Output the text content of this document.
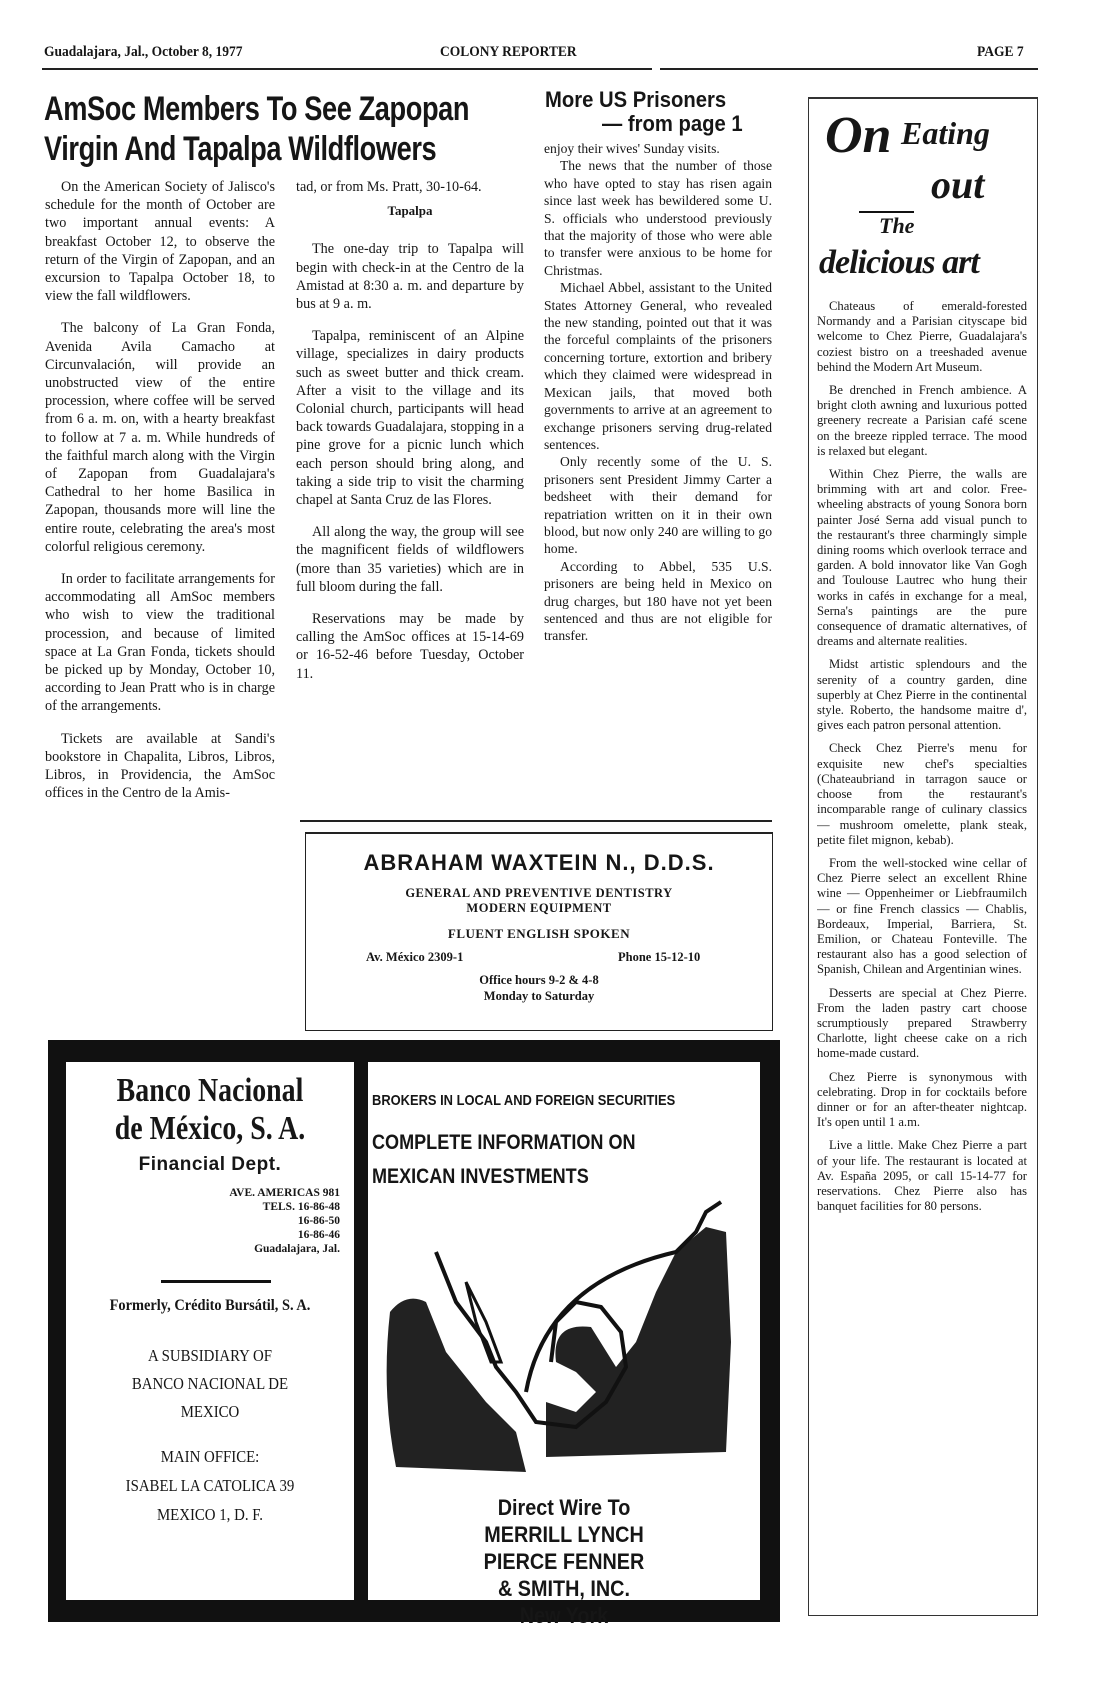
Guadalajara, Jal., October 8, 1977	COLONY REPORTER	PAGE 7
AmSoc Members To See Zapopan
Virgin And Tapalpa Wildflowers

On the American Society of Jalisco's schedule for the month of October are two important annual events: A breakfast October 12, to observe the return of the Virgin of Zapopan, and an excursion to Tapalpa October 18, to view the fall wildflowers.

The balcony of La Gran Fonda, Avenida Avila Camacho at Circunvalación, will provide an unobstructed view of the entire procession, where coffee will be served from 6 a. m. on, with a hearty breakfast to follow at 7 a. m. While hundreds of the faithful march along with the Virgin of Zapopan from Guadalajara's Cathedral to her home Basilica in Zapopan, thousands more will line the entire route, celebrating the area's most colorful religious ceremony.

In order to facilitate arrangements for accommodating all AmSoc members who wish to view the traditional procession, and because of limited space at La Gran Fonda, tickets should be picked up by Monday, October 10, according to Jean Pratt who is in charge of the arrangements.

Tickets are available at Sandi's bookstore in Chapalita, Libros, Libros, Libros, in Providencia, the AmSoc offices in the Centro de la Amis-

tad, or from Ms. Pratt, 30-10-64.

Tapalpa

The one-day trip to Tapalpa will begin with check-in at the Centro de la Amistad at 8:30 a. m. and departure by bus at 9 a. m.

Tapalpa, reminiscent of an Alpine village, specializes in dairy products such as sweet butter and thick cream. After a visit to the village and its Colonial church, participants will head back towards Guadalajara, stopping in a pine grove for a picnic lunch which each person should bring along, and taking a side trip to visit the charming chapel at Santa Cruz de las Flores.

All along the way, the group will see the magnificent fields of wildflowers (more than 35 varieties) which are in full bloom during the fall.

Reservations may be made by calling the AmSoc offices at 15-14-69 or 16-52-46 before Tuesday, October 11.

More US Prisoners
— from page 1

enjoy their wives' Sunday visits.

The news that the number of those who have opted to stay has risen again since last week has bewildered some U. S. officials who understood previously that the majority of those who were able to transfer were anxious to be home for Christmas.

Michael Abbel, assistant to the United States Attorney General, who revealed the new standing, pointed out that it was the forceful complaints of the prisoners concerning torture, extortion and bribery which they claimed were widespread in Mexican jails, that moved both governments to arrive at an agreement to exchange prisoners serving drug-related sentences.

Only recently some of the U. S. prisoners sent President Jimmy Carter a bedsheet with their demand for repatriation written on it in their own blood, but now only 240 are willing to go home.

According to Abbel, 535 U.S. prisoners are being held in Mexico on drug charges, but 180 have not yet been sentenced and thus are not eligible for transfer.

ABRAHAM WAXTEIN N., D.D.S.
GENERAL AND PREVENTIVE DENTISTRY
MODERN EQUIPMENT
FLUENT ENGLISH SPOKEN
Av. México 2309-1	Phone 15-12-10
Office hours 9-2 & 4-8
Monday to Saturday
Banco Nacional
de México, S. A.
Financial Dept.
AVE. AMERICAS 981
TELS. 16-86-48
16-86-50
16-86-46
Guadalajara, Jal.
Formerly, Crédito Bursátil, S. A.
A SUBSIDIARY OF
BANCO NACIONAL DE
MEXICO
MAIN OFFICE:
ISABEL LA CATOLICA 39
MEXICO 1, D. F.
BROKERS IN LOCAL AND FOREIGN SECURITIES
COMPLETE INFORMATION ON
MEXICAN INVESTMENTS
Direct Wire To
MERRILL LYNCH
PIERCE FENNER
& SMITH, INC.
New York
On Eating
out
The
delicious art

Chateaus of emerald-forested Normandy and a Parisian cityscape bid welcome to Chez Pierre, Guadalajara's coziest bistro on a treeshaded avenue behind the Modern Art Museum.

Be drenched in French ambience. A bright cloth awning and luxurious potted greenery recreate a Parisian café scene on the breeze rippled terrace. The mood is relaxed but elegant.

Within Chez Pierre, the walls are brimming with art and color. Free-wheeling abstracts of young Sonora born painter José Serna add visual punch to the restaurant's three charmingly simple dining rooms which overlook terrace and garden. A bold innovator like Van Gogh and Toulouse Lautrec who hung their works in cafés in exchange for a meal, Serna's paintings are the pure consequence of dramatic alternatives, of dreams and alternate realities.

Midst artistic splendours and the serenity of a country garden, dine superbly at Chez Pierre in the continental style. Roberto, the handsome maitre d', gives each patron personal attention.

Check Chez Pierre's menu for exquisite new chef's specialties (Chateaubriand in tarragon sauce or choose from the restaurant's incomparable range of culinary classics — mushroom omelette, plank steak, petite filet mignon, kebab).

From the well-stocked wine cellar of Chez Pierre select an excellent Rhine wine — Oppenheimer or Liebfraumilch — or fine French classics — Chablis, Bordeaux, Imperial, Barriera, St. Emilion, or Chateau Fonteville. The restaurant also has a good selection of Spanish, Chilean and Argentinian wines.

Desserts are special at Chez Pierre. From the laden pastry cart choose scrumptiously prepared Strawberry Charlotte, light cheese cake on a rich home-made custard.

Chez Pierre is synonymous with celebrating. Drop in for cocktails before dinner or for an after-theater nightcap. It's open until 1 a.m.

Live a little. Make Chez Pierre a part of your life. The restaurant is located at Av. España 2095, or call 15-14-77 for reservations. Chez Pierre also has banquet facilities for 80 persons.
